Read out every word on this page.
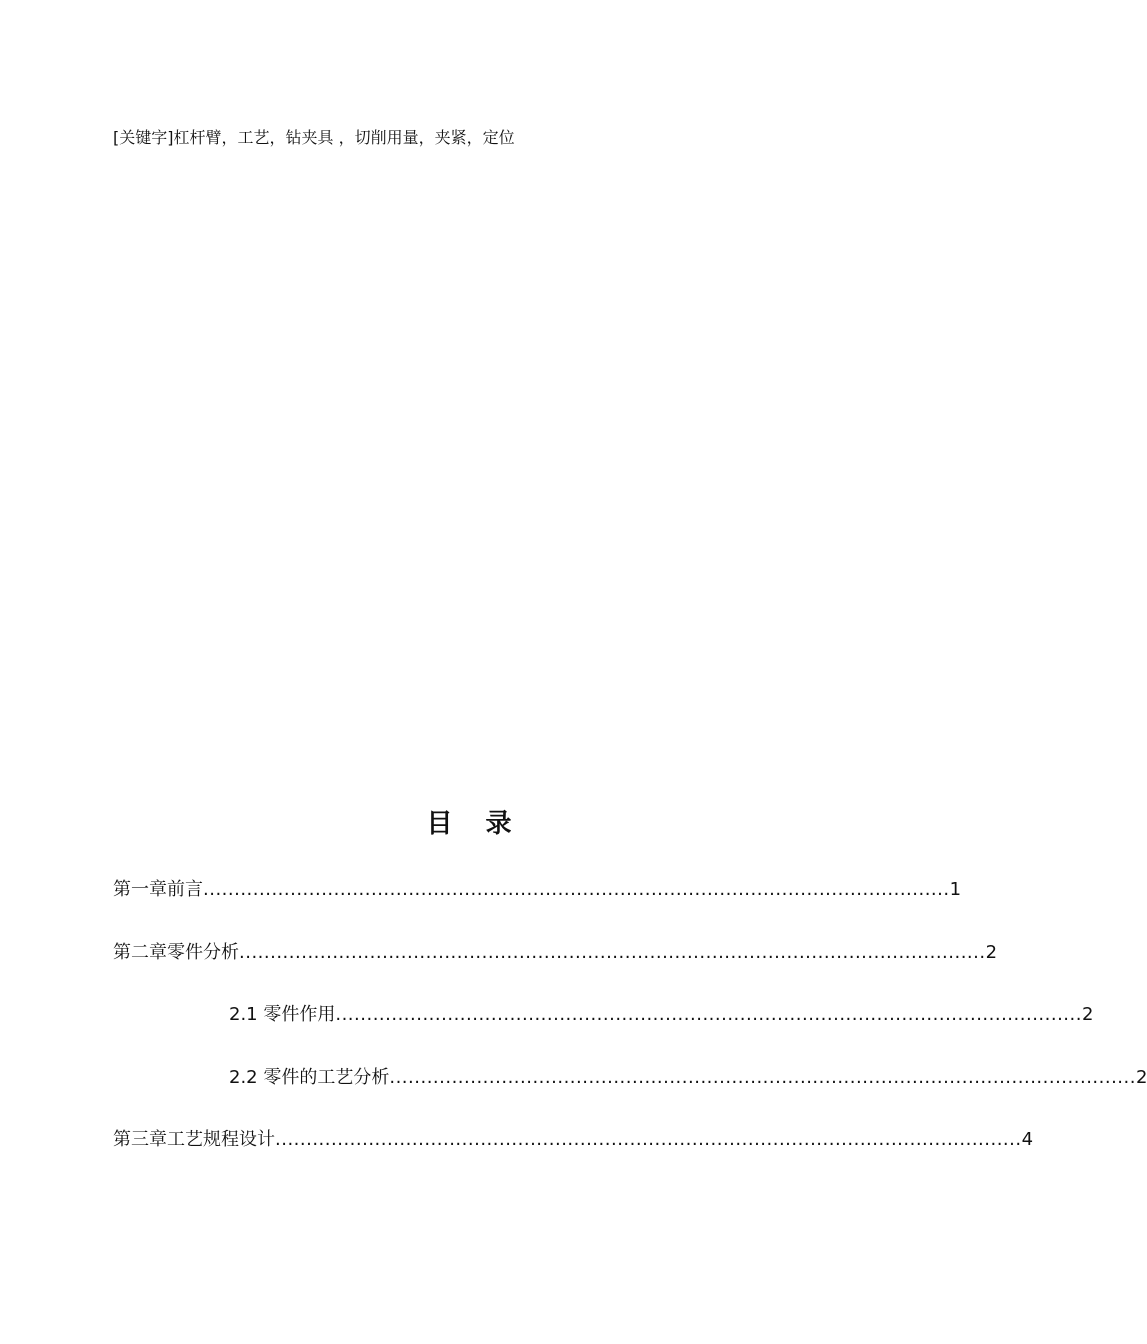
[关键字]杠杆臂，工艺，钻夹具 ，切削用量，夹紧，定位
目 录
第一章 前言 ........................................................................................................................ 1
第二章 零件分析 ........................................................................................................................ 2
2.1 零件作用 ........................................................................................................................ 2
2.2 零件的工艺分析 ........................................................................................................................ 2
第三章 工艺规程设计 ........................................................................................................................ 4
